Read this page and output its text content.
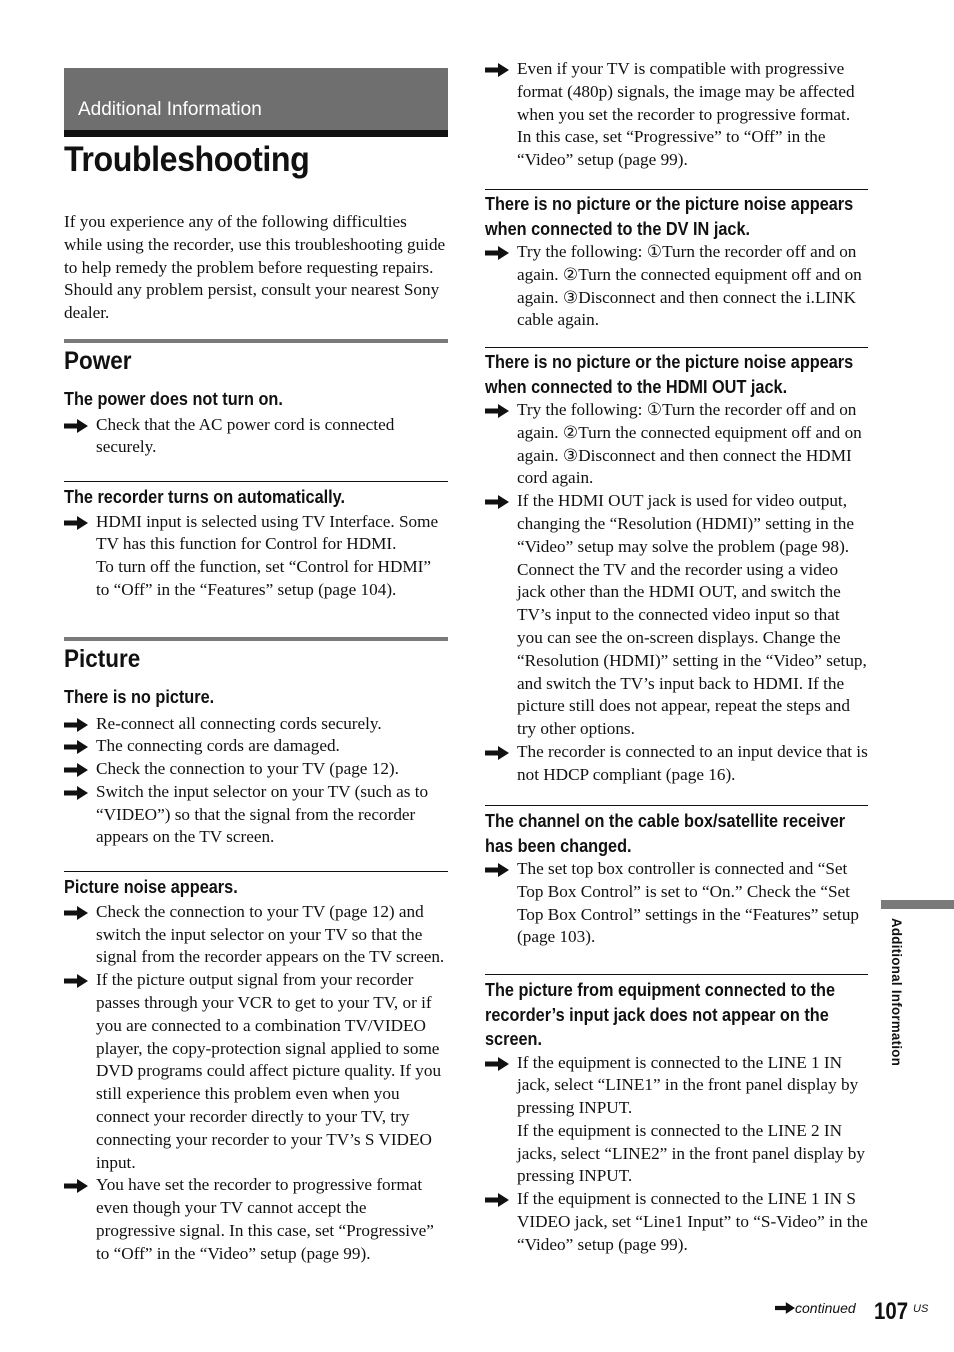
Additional Information
Troubleshooting

If you experience any of the following difficulties while using the recorder, use this troubleshooting guide to help remedy the problem before requesting repairs. Should any problem persist, consult your nearest Sony dealer.

Power
The power does not turn on.

Check that the AC power cord is connected securely.

The recorder turns on automatically.

HDMI input is selected using TV Interface. Some TV has this function for Control for HDMI.

To turn off the function, set “Control for HDMI” to “Off” in the “Features” setup (page 104).

Picture
There is no picture.

Re-connect all connecting cords securely.

The connecting cords are damaged.

Check the connection to your TV (page 12).

Switch the input selector on your TV (such as to “VIDEO”) so that the signal from the recorder appears on the TV screen.

Picture noise appears.

Check the connection to your TV (page 12) and switch the input selector on your TV so that the signal from the recorder appears on the TV screen.

If the picture output signal from your recorder passes through your VCR to get to your TV, or if you are connected to a combination TV/VIDEO player, the copy-protection signal applied to some DVD programs could affect picture quality. If you still experience this problem even when you connect your recorder directly to your TV, try connecting your recorder to your TV’s S VIDEO input.

You have set the recorder to progressive format even though your TV cannot accept the progressive signal. In this case, set “Progressive” to “Off” in the “Video” setup (page 99).

Even if your TV is compatible with progressive format (480p) signals, the image may be affected when you set the recorder to progressive format. In this case, set “Progressive” to “Off” in the “Video” setup (page 99).

There is no picture or the picture noise appears when connected to the DV IN jack.

Try the following: ①Turn the recorder off and on again. ②Turn the connected equipment off and on again. ③Disconnect and then connect the i.LINK cable again.

There is no picture or the picture noise appears when connected to the HDMI OUT jack.

Try the following: ①Turn the recorder off and on again. ②Turn the connected equipment off and on again. ③Disconnect and then connect the HDMI cord again.

If the HDMI OUT jack is used for video output, changing the “Resolution (HDMI)” setting in the “Video” setup may solve the problem (page 98). Connect the TV and the recorder using a video jack other than the HDMI OUT, and switch the TV’s input to the connected video input so that you can see the on-screen displays. Change the “Resolution (HDMI)” setting in the “Video” setup, and switch the TV’s input back to HDMI. If the picture still does not appear, repeat the steps and try other options.

The recorder is connected to an input device that is not HDCP compliant (page 16).

The channel on the cable box/satellite receiver has been changed.

The set top box controller is connected and “Set Top Box Control” is set to “On.” Check the “Set Top Box Control” settings in the “Features” setup (page 103).

The picture from equipment connected to the recorder’s input jack does not appear on the screen.

If the equipment is connected to the LINE 1 IN jack, select “LINE1” in the front panel display by pressing INPUT.

If the equipment is connected to the LINE 2 IN jacks, select “LINE2” in the front panel display by pressing INPUT.

If the equipment is connected to the LINE 1 IN S VIDEO jack, set “Line1 Input” to “S-Video” in the “Video” setup (page 99).

Additional Information
continued 107 US
